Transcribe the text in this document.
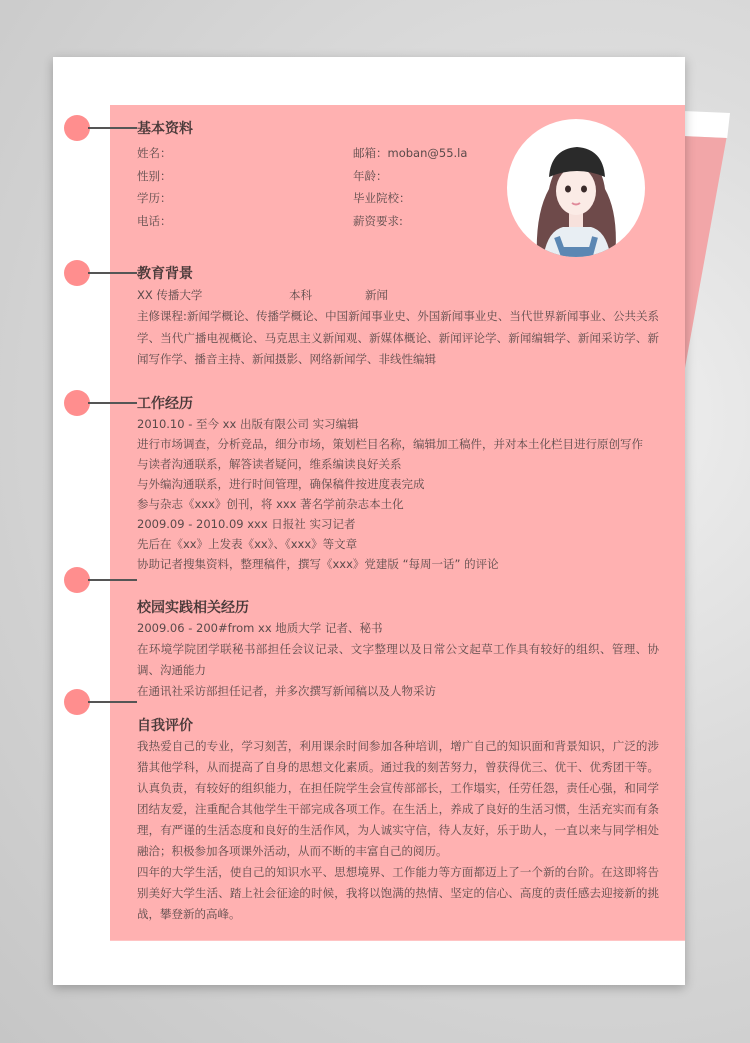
基本资料
姓名：
性别：
学历：
电话：
邮箱：moban@55.la
年龄：
毕业院校：
薪资要求:
教育背景
XX 传播大学	本科	新闻
主修课程:新闻学概论、传播学概论、中国新闻事业史、外国新闻事业史、当代世界新闻事业、公共关系学、当代广播电视概论、马克思主义新闻观、新媒体概论、新闻评论学、新闻编辑学、新闻采访学、新闻写作学、播音主持、新闻摄影、网络新闻学、非线性编辑
工作经历
2010.10 - 至今 xx 出版有限公司 实习编辑
进行市场调查，分析竞品，细分市场，策划栏目名称，编辑加工稿件，并对本土化栏目进行原创写作
与读者沟通联系，解答读者疑问，维系编读良好关系
与外编沟通联系，进行时间管理，确保稿件按进度表完成
参与杂志《xxx》创刊，将 xxx 著名学前杂志本土化
2009.09 - 2010.09 xxx 日报社 实习记者
先后在《xx》上发表《xx》、《xxx》等文章
协助记者搜集资料，整理稿件，撰写《xxx》党建版 “每周一话” 的评论
校园实践相关经历
2009.06 - 200#from xx 地质大学 记者、秘书
在环境学院团学联秘书部担任会议记录、文字整理以及日常公文起草工作具有较好的组织、管理、协调、沟通能力
在通讯社采访部担任记者，并多次撰写新闻稿以及人物采访
自我评价
我热爱自己的专业，学习刻苦，利用课余时间参加各种培训，增广自己的知识面和背景知识，广泛的涉猎其他学科，从而提高了自身的思想文化素质。通过我的刻苦努力，曾获得优三、优干、优秀团干等。认真负责，有较好的组织能力，在担任院学生会宣传部部长，工作塌实，任劳任怨，责任心强，和同学团结友爱，注重配合其他学生干部完成各项工作。在生活上，养成了良好的生活习惯，生活充实而有条理，有严谨的生活态度和良好的生活作风，为人诚实守信，待人友好，乐于助人，一直以来与同学相处融洽；积极参加各项课外活动，从而不断的丰富自己的阅历。
四年的大学生活，使自己的知识水平、思想境界、工作能力等方面都迈上了一个新的台阶。在这即将告别美好大学生活、踏上社会征途的时候，我将以饱满的热情、坚定的信心、高度的责任感去迎接新的挑战，攀登新的高峰。
